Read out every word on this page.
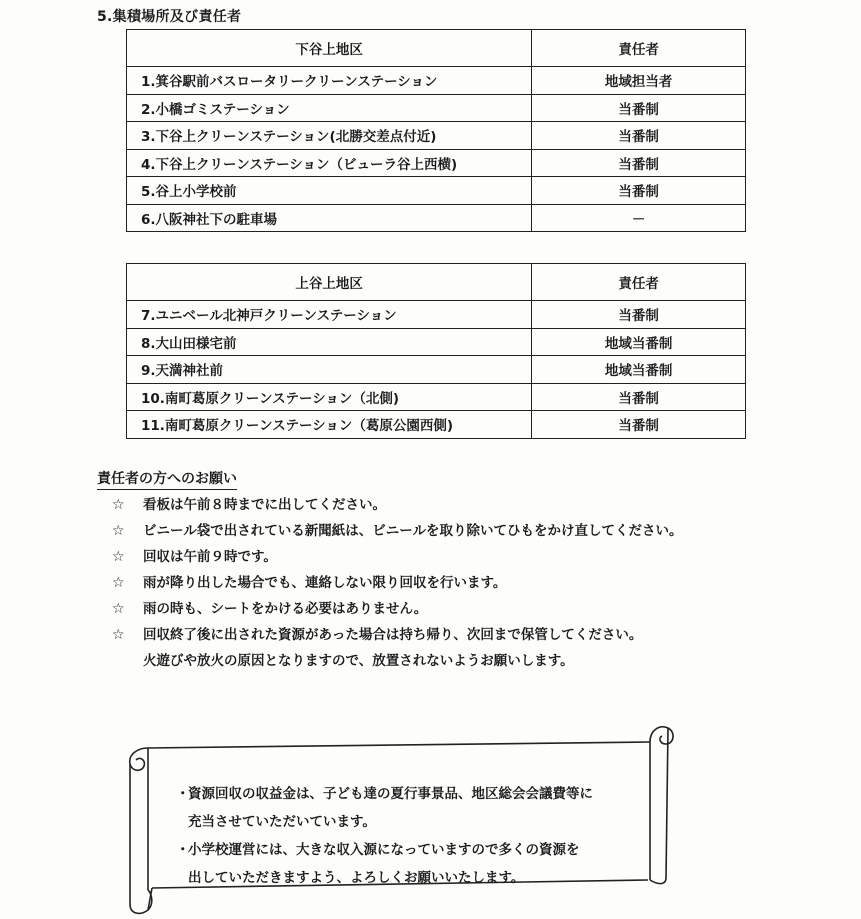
5.集積場所及び責任者
下谷上地区	責任者
1.箕谷駅前バスロータリークリーンステーション	地域担当者
2.小橋ゴミステーション	当番制
3.下谷上クリーンステーション(北勝交差点付近)	当番制
4.下谷上クリーンステーション（ビューラ谷上西横)	当番制
5.谷上小学校前	当番制
6.八阪神社下の駐車場	－
上谷上地区	責任者
7.ユニベール北神戸クリーンステーション	当番制
8.大山田様宅前	地域当番制
9.天満神社前	地域当番制
10.南町葛原クリーンステーション（北側)	当番制
11.南町葛原クリーンステーション（葛原公園西側)	当番制
責任者の方へのお願い
☆ 看板は午前８時までに出してください。
☆ ビニール袋で出されている新聞紙は、ビニールを取り除いてひもをかけ直してください。
☆ 回収は午前９時です。
☆ 雨が降り出した場合でも、連絡しない限り回収を行います。
☆ 雨の時も、シートをかける必要はありません。
☆ 回収終了後に出された資源があった場合は持ち帰り、次回まで保管してください。
火遊びや放火の原因となりますので、放置されないようお願いします。
・資源回収の収益金は、子ども達の夏行事景品、地区総会会議費等に
充当させていただいています。
・小学校運営には、大きな収入源になっていますので多くの資源を
出していただきますよう、よろしくお願いいたします。
